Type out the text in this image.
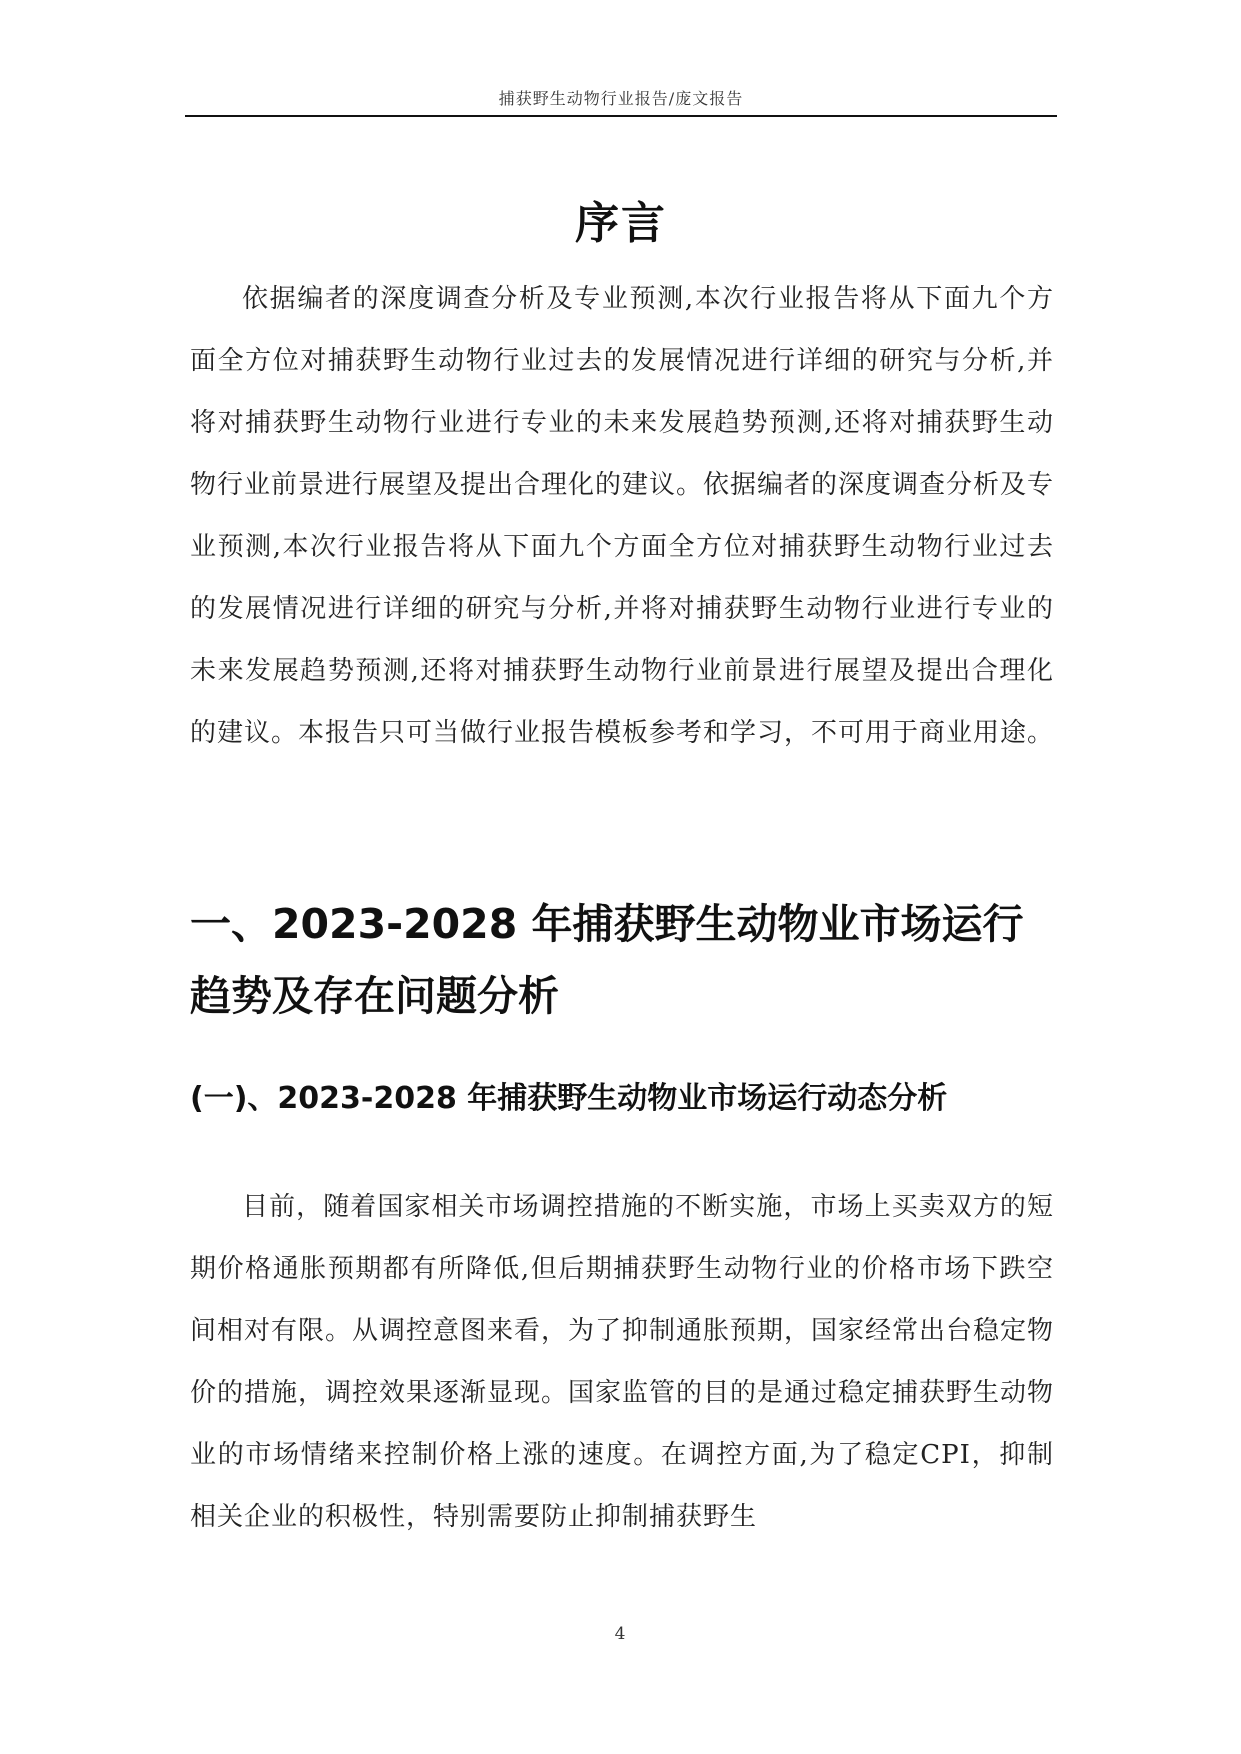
捕获野生动物行业报告/庞文报告
序言

依据编者的深度调查分析及专业预测,本次行业报告将从下面九个方面全方位对捕获野生动物行业过去的发展情况进行详细的研究与分析,并将对捕获野生动物行业进行专业的未来发展趋势预测,还将对捕获野生动物行业前景进行展望及提出合理化的建议。依据编者的深度调查分析及专业预测,本次行业报告将从下面九个方面全方位对捕获野生动物行业过去的发展情况进行详细的研究与分析,并将对捕获野生动物行业进行专业的未来发展趋势预测,还将对捕获野生动物行业前景进行展望及提出合理化的建议。本报告只可当做行业报告模板参考和学习，不可用于商业用途。

一、2023-2028 年捕获野生动物业市场运行趋势及存在问题分析
(一)、2023-2028 年捕获野生动物业市场运行动态分析

目前，随着国家相关市场调控措施的不断实施，市场上买卖双方的短期价格通胀预期都有所降低,但后期捕获野生动物行业的价格市场下跌空间相对有限。从调控意图来看，为了抑制通胀预期，国家经常出台稳定物价的措施，调控效果逐渐显现。国家监管的目的是通过稳定捕获野生动物业的市场情绪来控制价格上涨的速度。在调控方面,为了稳定CPI，抑制相关企业的积极性，特别需要防止抑制捕获野生

4
